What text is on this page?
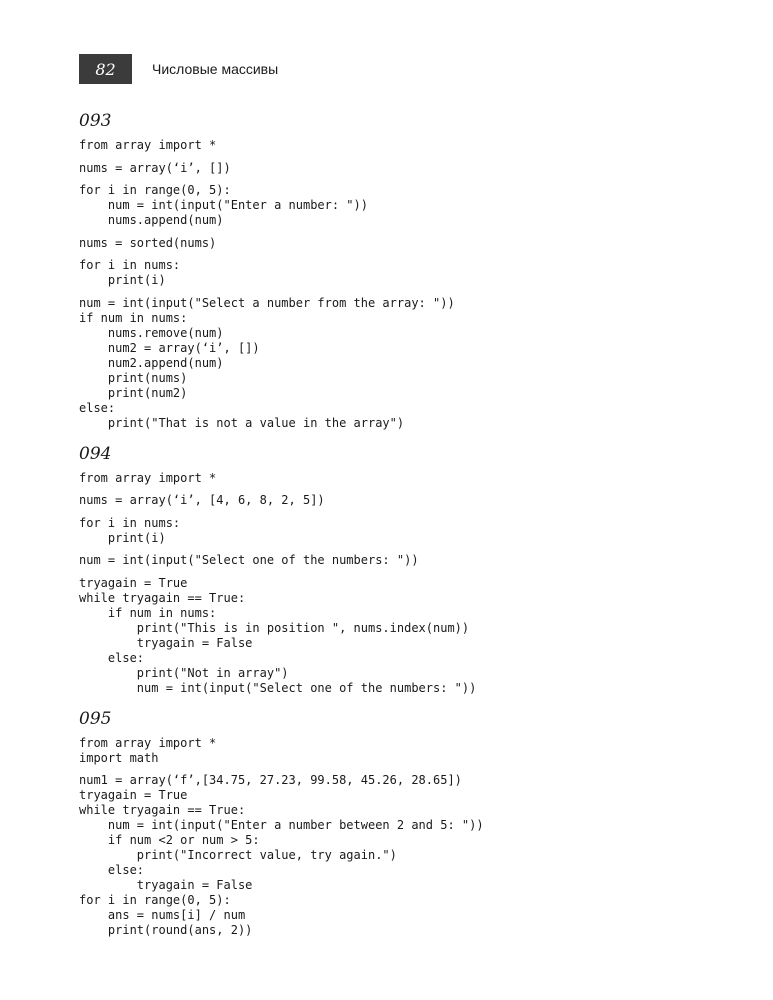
82	Числовые массивы
093
from array import *
nums = array(‘i’, [])
for i in range(0, 5):
num = int(input("Enter a number: "))
nums.append(num)
nums = sorted(nums)
for i in nums:
print(i)
num = int(input("Select a number from the array: "))
if num in nums:
nums.remove(num)
num2 = array(‘i’, [])
num2.append(num)
print(nums)
print(num2)
else:
print("That is not a value in the array")
094
from array import *
nums = array(‘i’, [4, 6, 8, 2, 5])
for i in nums:
print(i)
num = int(input("Select one of the numbers: "))
tryagain = True
while tryagain == True:
if num in nums:
print("This is in position ", nums.index(num))
tryagain = False
else:
print("Not in array")
num = int(input("Select one of the numbers: "))
095
from array import *
import math
num1 = array(‘f’,[34.75, 27.23, 99.58, 45.26, 28.65])
tryagain = True
while tryagain == True:
num = int(input("Enter a number between 2 and 5: "))
if num <2 or num > 5:
print("Incorrect value, try again.")
else:
tryagain = False
for i in range(0, 5):
ans = nums[i] / num
print(round(ans, 2))
